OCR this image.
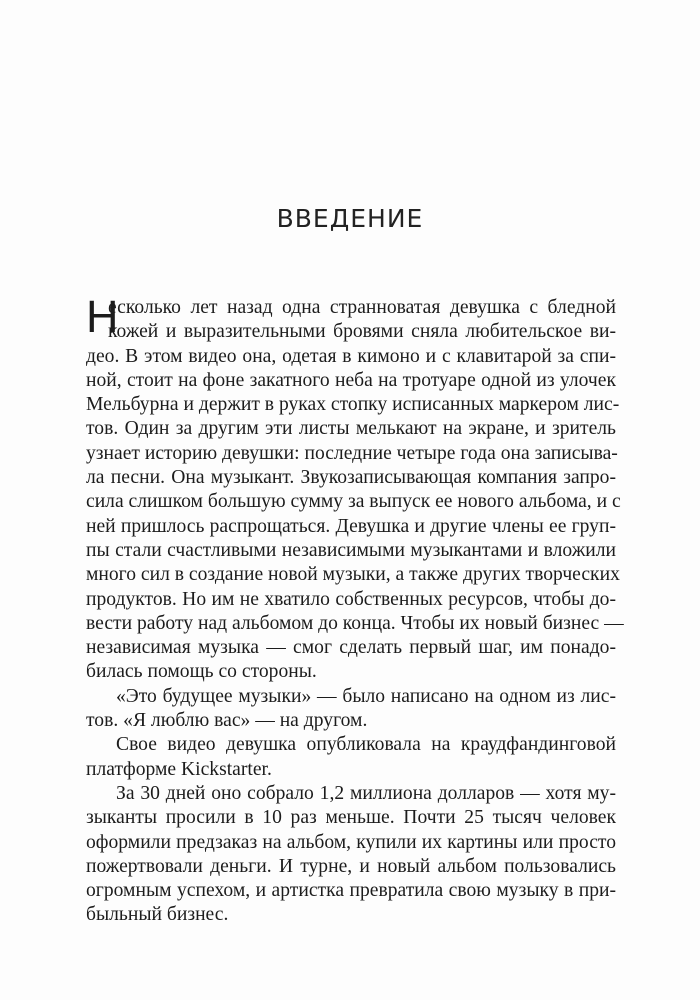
ВВЕДЕНИЕ
Н
есколько лет назад одна странноватая девушка с бледной
кожей и выразительными бровями сняла любительское ви-
део. В этом видео она, одетая в кимоно и с клавитарой за спи-
ной, стоит на фоне закатного неба на тротуаре одной из улочек
Мельбурна и держит в руках стопку исписанных маркером лис-
тов. Один за другим эти листы мелькают на экране, и зритель
узнает историю девушки: последние четыре года она записыва-
ла песни. Она музыкант. Звукозаписывающая компания запро-
сила слишком большую сумму за выпуск ее нового альбома, и с
ней пришлось распрощаться. Девушка и другие члены ее груп-
пы стали счастливыми независимыми музыкантами и вложили
много сил в создание новой музыки, а также других творческих
продуктов. Но им не хватило собственных ресурсов, чтобы до-
вести работу над альбомом до конца. Чтобы их новый бизнес —
независимая музыка — смог сделать первый шаг, им понадо-
билась помощь со стороны.
«Это будущее музыки» — было написано на одном из лис-
тов. «Я люблю вас» — на другом.
Свое видео девушка опубликовала на краудфандинговой
платформе Kickstarter.
За 30 дней оно собрало 1,2 миллиона долларов — хотя му-
зыканты просили в 10 раз меньше. Почти 25 тысяч человек
оформили предзаказ на альбом, купили их картины или просто
пожертвовали деньги. И турне, и новый альбом пользовались
огромным успехом, и артистка превратила свою музыку в при-
быльный бизнес.
